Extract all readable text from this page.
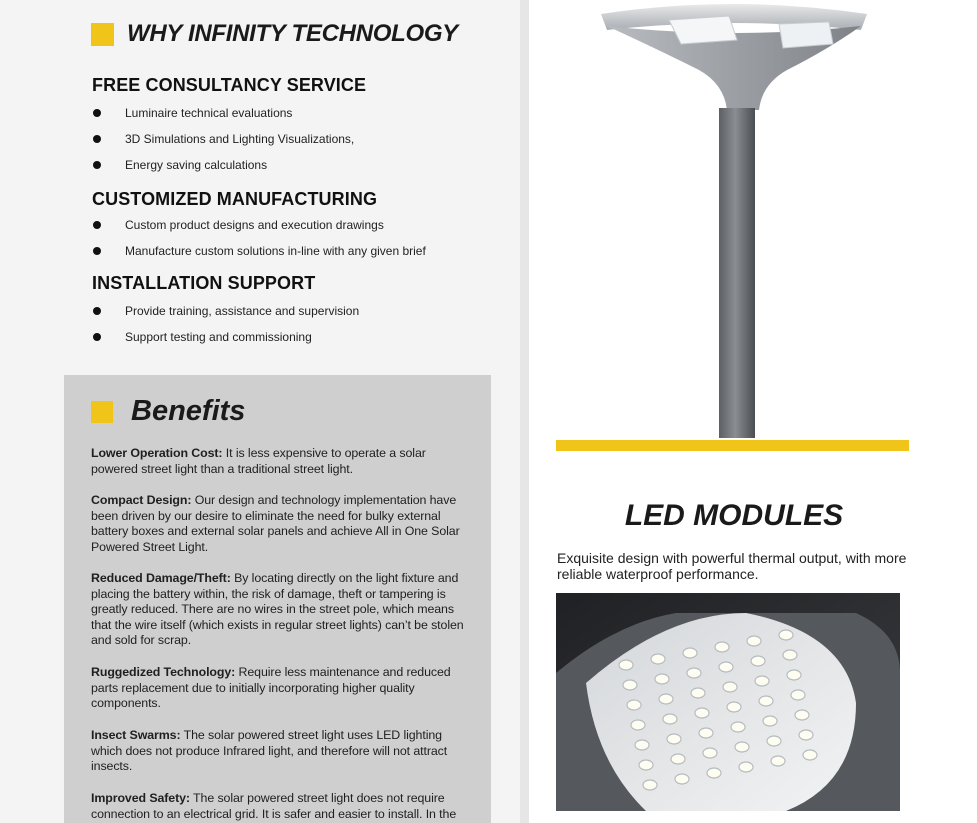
WHY INFINITY TECHNOLOGY
FREE CONSULTANCY SERVICE
Luminaire technical evaluations
3D Simulations and Lighting Visualizations,
Energy saving calculations
CUSTOMIZED MANUFACTURING
Custom product designs and execution drawings
Manufacture custom solutions in-line with any given brief
INSTALLATION SUPPORT
Provide training, assistance and supervision
Support testing and commissioning
Benefits
Lower Operation Cost: It is less expensive to operate a solar powered street light than a traditional street light.
Compact Design: Our design and technology implementation have been driven by our desire to eliminate the need for bulky external battery boxes and external solar panels and achieve All in One Solar Powered Street Light.
Reduced Damage/Theft: By locating directly on the light fixture and placing the battery within, the risk of damage, theft or tampering is greatly reduced. There are no wires in the street pole, which means that the wire itself (which exists in regular street lights) can’t be stolen and sold for scrap.
Ruggedized Technology: Require less maintenance and reduced parts replacement due to initially incorporating higher quality components.
Insect Swarms: The solar powered street light uses LED lighting which does not produce Infrared light, and therefore will not attract insects.
Improved Safety: The solar powered street light does not require connection to an electrical grid. It is safer and easier to install. In the
LED MODULES
Exquisite design with powerful thermal output, with more reliable waterproof performance.
